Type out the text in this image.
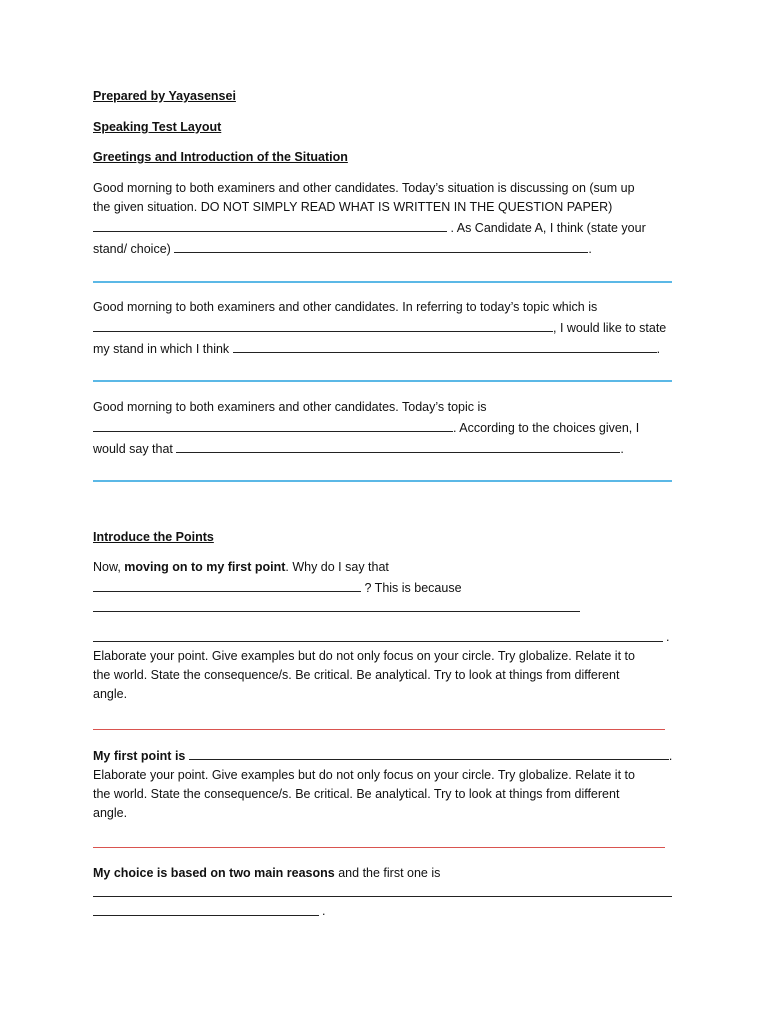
Prepared by Yayasensei
Speaking Test Layout
Greetings and Introduction of the Situation
Good morning to both examiners and other candidates. Today’s situation is discussing on (sum up
the given situation. DO NOT SIMPLY READ WHAT IS WRITTEN IN THE QUESTION PAPER)
. As Candidate A, I think (state your
stand/ choice)	.
Good morning to both examiners and other candidates. In referring to today’s topic which is
, I would like to state
my stand in which I think	.
Good morning to both examiners and other candidates. Today’s topic is
. According to the choices given, I
would say that	.
Introduce the Points
Now, moving on to my first point. Why do I say that
? This is because
.
Elaborate your point. Give examples but do not only focus on your circle. Try globalize. Relate it to
the world. State the consequence/s. Be critical. Be analytical. Try to look at things from different
angle.
My first point is	.
Elaborate your point. Give examples but do not only focus on your circle. Try globalize. Relate it to
the world. State the consequence/s. Be critical. Be analytical. Try to look at things from different
angle.
My choice is based on two main reasons and the first one is
.
